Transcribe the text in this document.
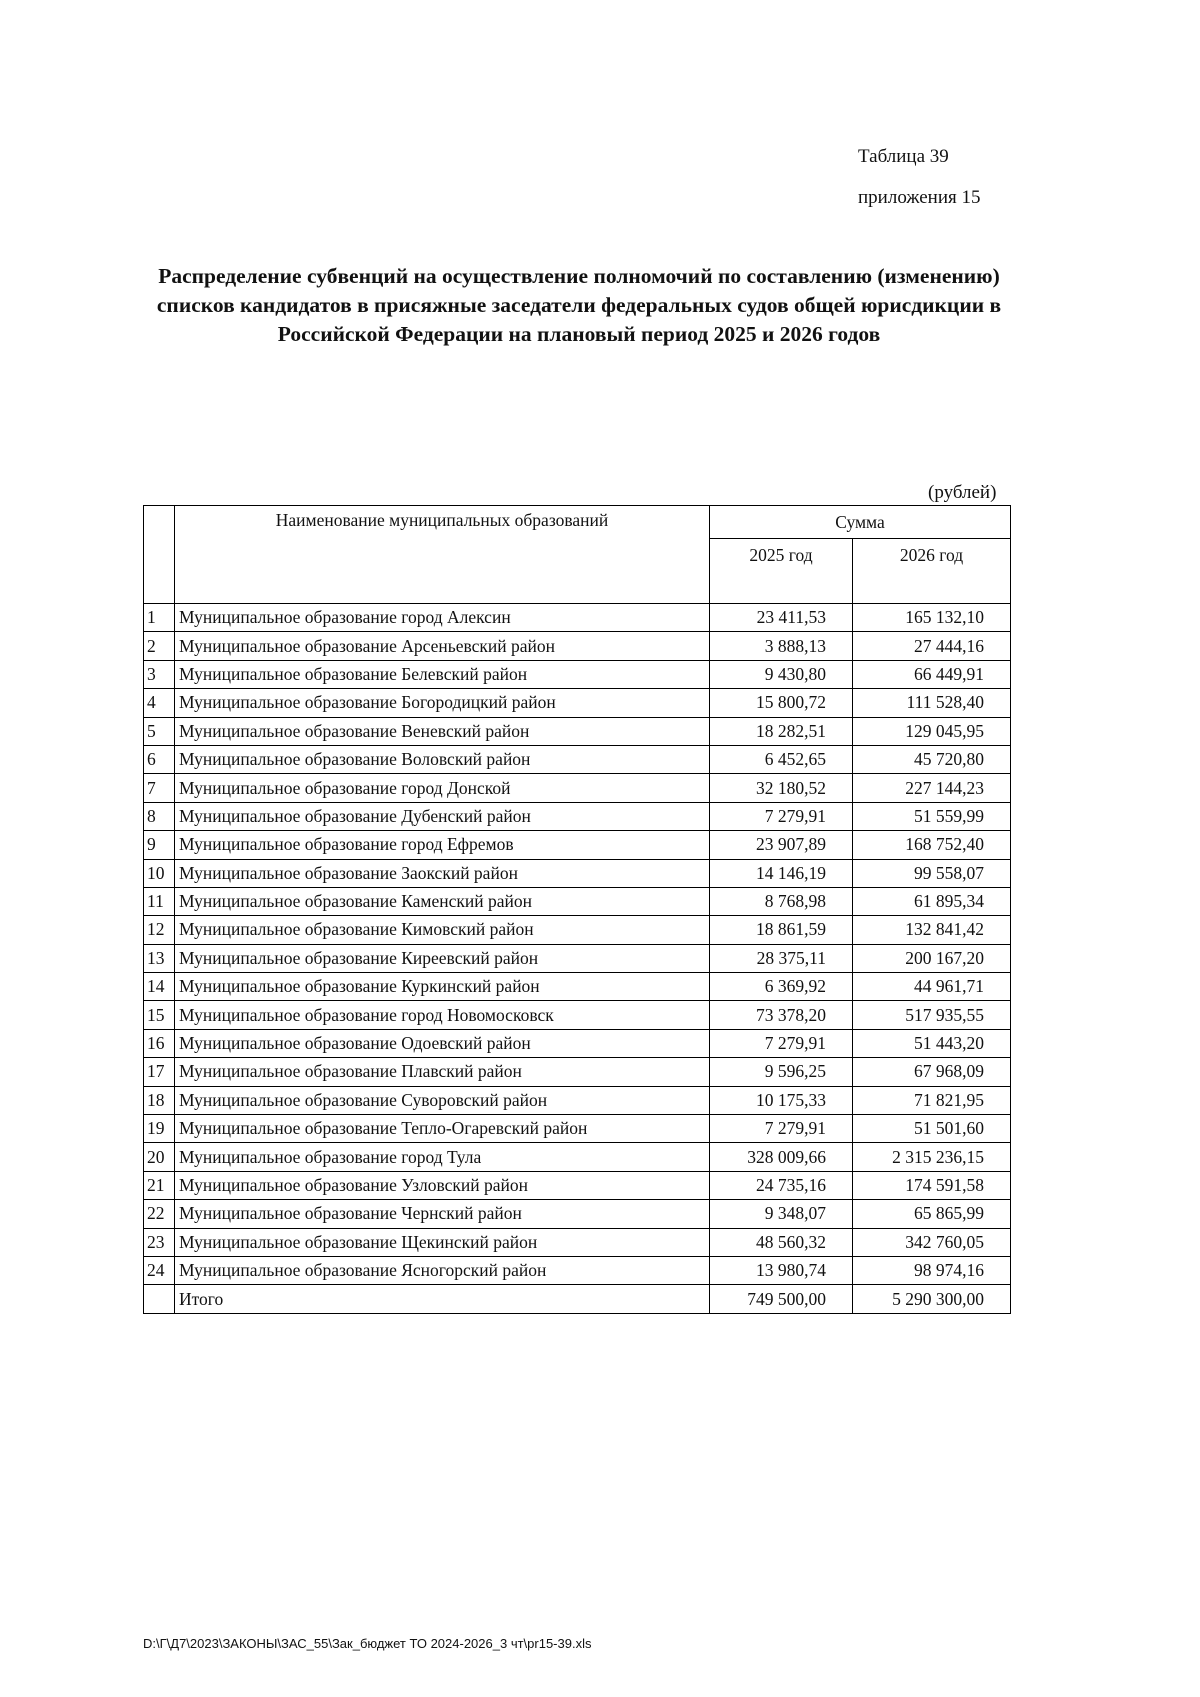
Таблица 39
приложения 15
Распределение субвенций на осуществление полномочий по составлению (изменению) списков кандидатов в присяжные заседатели федеральных судов общей юрисдикции в Российской Федерации на плановый период 2025 и 2026 годов
(рублей)
	Наименование муниципальных образований	Сумма	
		2025 год	2026 год
1	Муниципальное образование город Алексин	23 411,53	165 132,10
2	Муниципальное образование Арсеньевский район	3 888,13	27 444,16
3	Муниципальное образование Белевский район	9 430,80	66 449,91
4	Муниципальное образование Богородицкий район	15 800,72	111 528,40
5	Муниципальное образование Веневский район	18 282,51	129 045,95
6	Муниципальное образование Воловский район	6 452,65	45 720,80
7	Муниципальное образование город Донской	32 180,52	227 144,23
8	Муниципальное образование Дубенский район	7 279,91	51 559,99
9	Муниципальное образование город Ефремов	23 907,89	168 752,40
10	Муниципальное образование Заокский район	14 146,19	99 558,07
11	Муниципальное образование Каменский район	8 768,98	61 895,34
12	Муниципальное образование Кимовский район	18 861,59	132 841,42
13	Муниципальное образование Киреевский район	28 375,11	200 167,20
14	Муниципальное образование Куркинский район	6 369,92	44 961,71
15	Муниципальное образование город Новомосковск	73 378,20	517 935,55
16	Муниципальное образование Одоевский район	7 279,91	51 443,20
17	Муниципальное образование Плавский район	9 596,25	67 968,09
18	Муниципальное образование Суворовский район	10 175,33	71 821,95
19	Муниципальное образование Тепло-Огаревский район	7 279,91	51 501,60
20	Муниципальное образование город Тула	328 009,66	2 315 236,15
21	Муниципальное образование Узловский район	24 735,16	174 591,58
22	Муниципальное образование Чернский район	9 348,07	65 865,99
23	Муниципальное образование Щекинский район	48 560,32	342 760,05
24	Муниципальное образование Ясногорский район	13 980,74	98 974,16
	Итого	749 500,00	5 290 300,00
D:\Г\Д7\2023\ЗАКОНЫ\ЗАС_55\Зак_бюджет ТО 2024-2026_3 чт\pr15-39.xls
